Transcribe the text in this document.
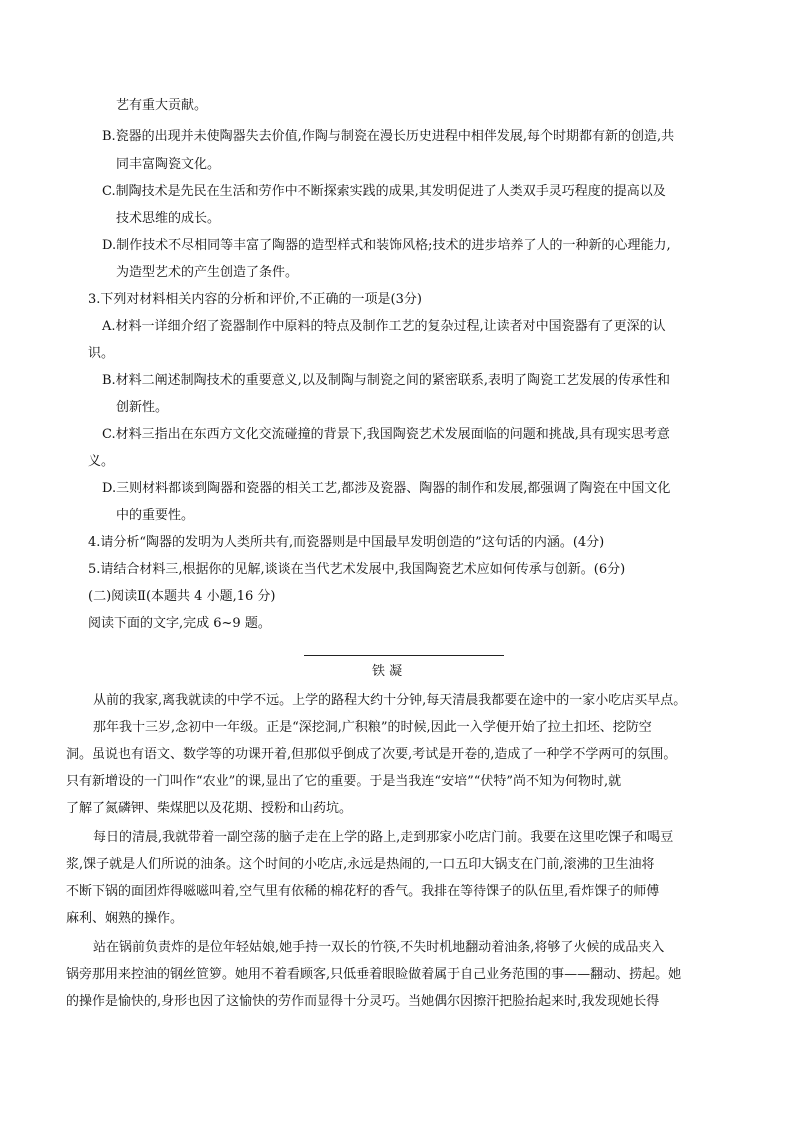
艺有重大贡献。
B.瓷器的出现并未使陶器失去价值,作陶与制瓷在漫长历史进程中相伴发展,每个时期都有新的创造,共
同丰富陶瓷文化。
C.制陶技术是先民在生活和劳作中不断探索实践的成果,其发明促进了人类双手灵巧程度的提高以及
技术思维的成长。
D.制作技术不尽相同等丰富了陶器的造型样式和装饰风格;技术的进步培养了人的一种新的心理能力,
为造型艺术的产生创造了条件。
3.下列对材料相关内容的分析和评价,不正确的一项是(3分)
A.材料一详细介绍了瓷器制作中原料的特点及制作工艺的复杂过程,让读者对中国瓷器有了更深的认
识。
B.材料二阐述制陶技术的重要意义,以及制陶与制瓷之间的紧密联系,表明了陶瓷工艺发展的传承性和
创新性。
C.材料三指出在东西方文化交流碰撞的背景下,我国陶瓷艺术发展面临的问题和挑战,具有现实思考意
义。
D.三则材料都谈到陶器和瓷器的相关工艺,都涉及瓷器、陶器的制作和发展,都强调了陶瓷在中国文化
中的重要性。
4.请分析“陶器的发明为人类所共有,而瓷器则是中国最早发明创造的”这句话的内涵。(4分)
5.请结合材料三,根据你的见解,谈谈在当代艺术发展中,我国陶瓷艺术应如何传承与创新。(6分)
(二)阅读Ⅱ(本题共 4 小题,16 分)
阅读下面的文字,完成 6~9 题。
铁 凝
从前的我家,离我就读的中学不远。上学的路程大约十分钟,每天清晨我都要在途中的一家小吃店买早点。
那年我十三岁,念初中一年级。正是“深挖洞,广积粮”的时候,因此一入学便开始了拉土扣坯、挖防空
洞。虽说也有语文、数学等的功课开着,但那似乎倒成了次要,考试是开卷的,造成了一种学不学两可的氛围。
只有新增设的一门叫作“农业”的课,显出了它的重要。于是当我连“安培”“伏特”尚不知为何物时,就
了解了氮磷钾、柴煤肥以及花期、授粉和山药坑。
每日的清晨,我就带着一副空荡的脑子走在上学的路上,走到那家小吃店门前。我要在这里吃馃子和喝豆
浆,馃子就是人们所说的油条。这个时间的小吃店,永远是热闹的,一口五印大锅支在门前,滚沸的卫生油将
不断下锅的面团炸得嗞嗞叫着,空气里有依稀的棉花籽的香气。我排在等待馃子的队伍里,看炸馃子的师傅
麻利、娴熟的操作。
站在锅前负责炸的是位年轻姑娘,她手持一双长的竹筷,不失时机地翻动着油条,将够了火候的成品夹入
锅旁那用来控油的钢丝笸箩。她用不着看顾客,只低垂着眼睑做着属于自己业务范围的事——翻动、捞起。她
的操作是愉快的,身形也因了这愉快的劳作而显得十分灵巧。当她偶尔因擦汗把脸抬起来时,我发现她长得
